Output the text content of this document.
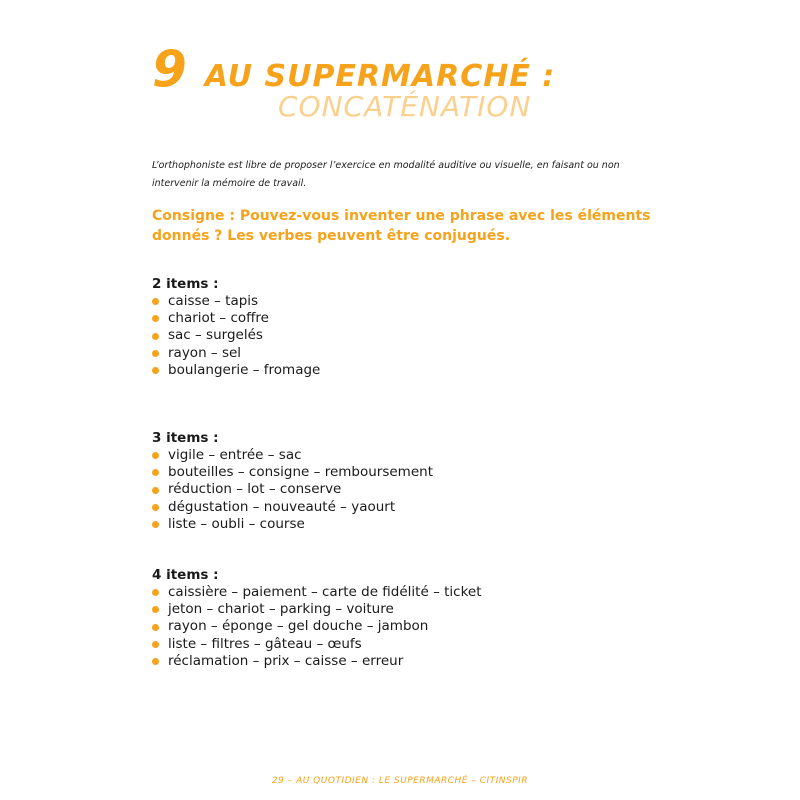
9 AU SUPERMARCHÉ :
CONCATÉNATION
L’orthophoniste est libre de proposer l’exercice en modalité auditive ou visuelle, en faisant ou non intervenir la mémoire de travail.
Consigne : Pouvez-vous inventer une phrase avec les éléments donnés ? Les verbes peuvent être conjugués.

2 items :

caisse – tapis
chariot – coffre
sac – surgelés
rayon – sel
boulangerie – fromage

3 items :

vigile – entrée – sac
bouteilles – consigne – remboursement
réduction – lot – conserve
dégustation – nouveauté – yaourt
liste – oubli – course

4 items :

caissière – paiement – carte de fidélité – ticket
jeton – chariot – parking – voiture
rayon – éponge – gel douche – jambon
liste – filtres – gâteau – œufs
réclamation – prix – caisse – erreur
29 – AU QUOTIDIEN : LE SUPERMARCHÉ – CITINSPIR
